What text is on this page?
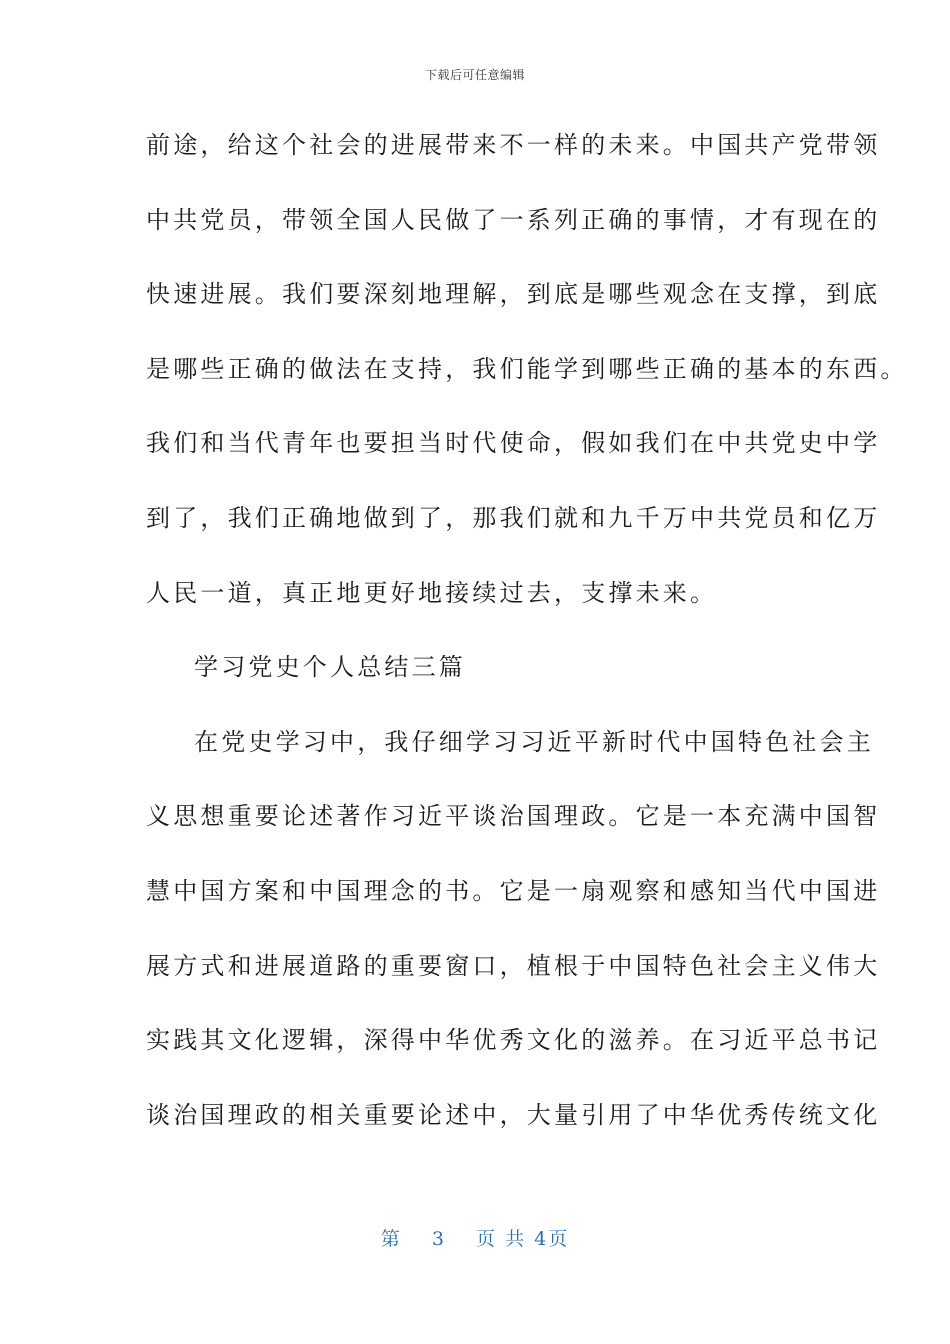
下载后可任意编辑
前途，给这个社会的进展带来不一样的未来。中国共产党带领
中共党员，带领全国人民做了一系列正确的事情，才有现在的
快速进展。我们要深刻地理解，到底是哪些观念在支撑，到底
是哪些正确的做法在支持，我们能学到哪些正确的基本的东西。
我们和当代青年也要担当时代使命，假如我们在中共党史中学
到了，我们正确地做到了，那我们就和九千万中共党员和亿万
人民一道，真正地更好地接续过去，支撑未来。
学习党史个人总结三篇
在党史学习中，我仔细学习习近平新时代中国特色社会主
义思想重要论述著作习近平谈治国理政。它是一本充满中国智
慧中国方案和中国理念的书。它是一扇观察和感知当代中国进
展方式和进展道路的重要窗口，植根于中国特色社会主义伟大
实践其文化逻辑，深得中华优秀文化的滋养。在习近平总书记
谈治国理政的相关重要论述中，大量引用了中华优秀传统文化
第 3 页 共 4页
